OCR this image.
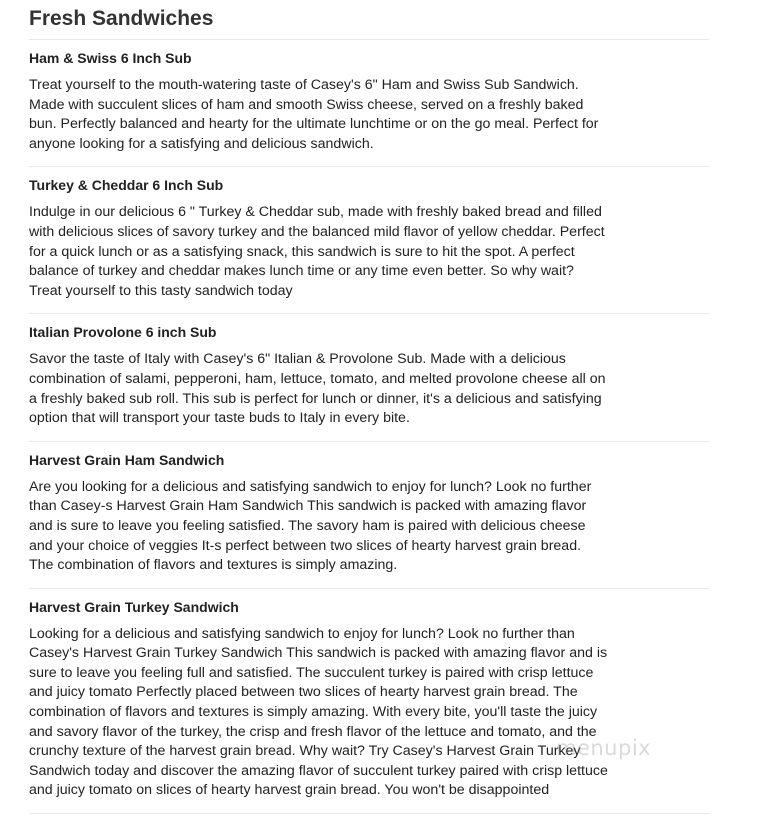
Fresh Sandwiches
Ham & Swiss 6 Inch Sub

Treat yourself to the mouth-watering taste of Casey's 6" Ham and Swiss Sub Sandwich. Made with succulent slices of ham and smooth Swiss cheese, served on a freshly baked bun. Perfectly balanced and hearty for the ultimate lunchtime or on the go meal. Perfect for anyone looking for a satisfying and delicious sandwich.

Turkey & Cheddar 6 Inch Sub

Indulge in our delicious 6 " Turkey & Cheddar sub, made with freshly baked bread and filled with delicious slices of savory turkey and the balanced mild flavor of yellow cheddar. Perfect for a quick lunch or as a satisfying snack, this sandwich is sure to hit the spot. A perfect balance of turkey and cheddar makes lunch time or any time even better. So why wait? Treat yourself to this tasty sandwich today

Italian Provolone 6 inch Sub

Savor the taste of Italy with Casey's 6" Italian & Provolone Sub. Made with a delicious combination of salami, pepperoni, ham, lettuce, tomato, and melted provolone cheese all on a freshly baked sub roll. This sub is perfect for lunch or dinner, it's a delicious and satisfying option that will transport your taste buds to Italy in every bite.

Harvest Grain Ham Sandwich

Are you looking for a delicious and satisfying sandwich to enjoy for lunch? Look no further than Casey-s Harvest Grain Ham Sandwich This sandwich is packed with amazing flavor and is sure to leave you feeling satisfied. The savory ham is paired with delicious cheese and your choice of veggies It-s perfect between two slices of hearty harvest grain bread. The combination of flavors and textures is simply amazing.

Harvest Grain Turkey Sandwich

Looking for a delicious and satisfying sandwich to enjoy for lunch? Look no further than Casey's Harvest Grain Turkey Sandwich This sandwich is packed with amazing flavor and is sure to leave you feeling full and satisfied. The succulent turkey is paired with crisp lettuce and juicy tomato Perfectly placed between two slices of hearty harvest grain bread. The combination of flavors and textures is simply amazing. With every bite, you'll taste the juicy and savory flavor of the turkey, the crisp and fresh flavor of the lettuce and tomato, and the crunchy texture of the harvest grain bread. Why wait? Try Casey's Harvest Grain Turkey Sandwich today and discover the amazing flavor of succulent turkey paired with crisp lettuce and juicy tomato on slices of hearty harvest grain bread. You won't be disappointed

menupix
